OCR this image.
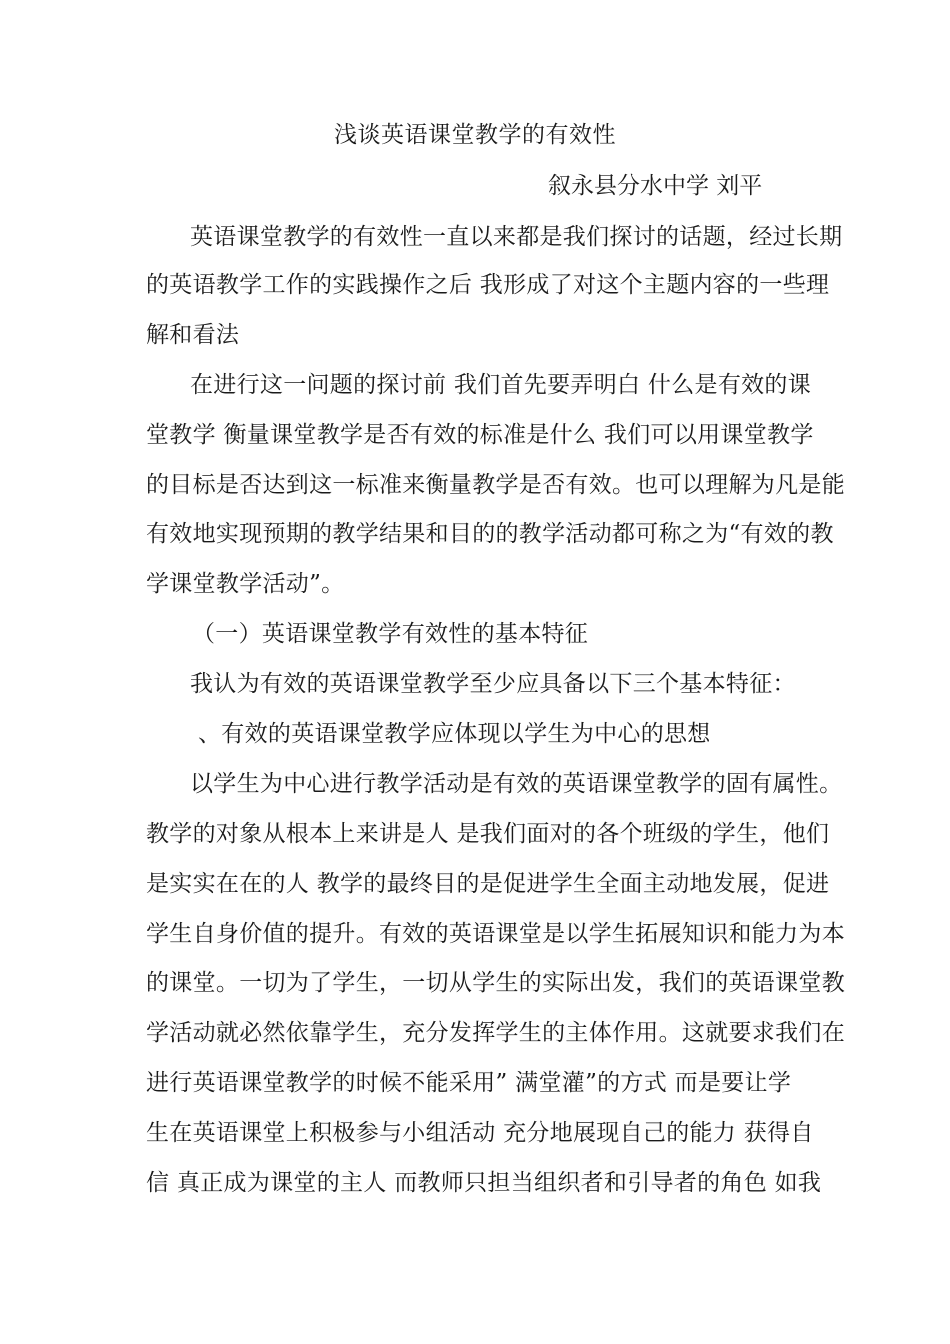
浅谈英语课堂教学的有效性
叙永县分水中学 刘平
英语课堂教学的有效性一直以来都是我们探讨的话题，经过长期
的英语教学工作的实践操作之后 我形成了对这个主题内容的一些理
解和看法
在进行这一问题的探讨前 我们首先要弄明白 什么是有效的课
堂教学 衡量课堂教学是否有效的标准是什么 我们可以用课堂教学
的目标是否达到这一标准来衡量教学是否有效。也可以理解为凡是能
有效地实现预期的教学结果和目的的教学活动都可称之为“有效的教
学课堂教学活动”。
（一）英语课堂教学有效性的基本特征
我认为有效的英语课堂教学至少应具备以下三个基本特征：
、有效的英语课堂教学应体现以学生为中心的思想
以学生为中心进行教学活动是有效的英语课堂教学的固有属性。
教学的对象从根本上来讲是人 是我们面对的各个班级的学生，他们
是实实在在的人 教学的最终目的是促进学生全面主动地发展，促进
学生自身价值的提升。有效的英语课堂是以学生拓展知识和能力为本
的课堂。一切为了学生，一切从学生的实际出发，我们的英语课堂教
学活动就必然依靠学生，充分发挥学生的主体作用。这就要求我们在
进行英语课堂教学的时候不能采用” 满堂灌”的方式 而是要让学
生在英语课堂上积极参与小组活动 充分地展现自己的能力 获得自
信 真正成为课堂的主人 而教师只担当组织者和引导者的角色 如我
